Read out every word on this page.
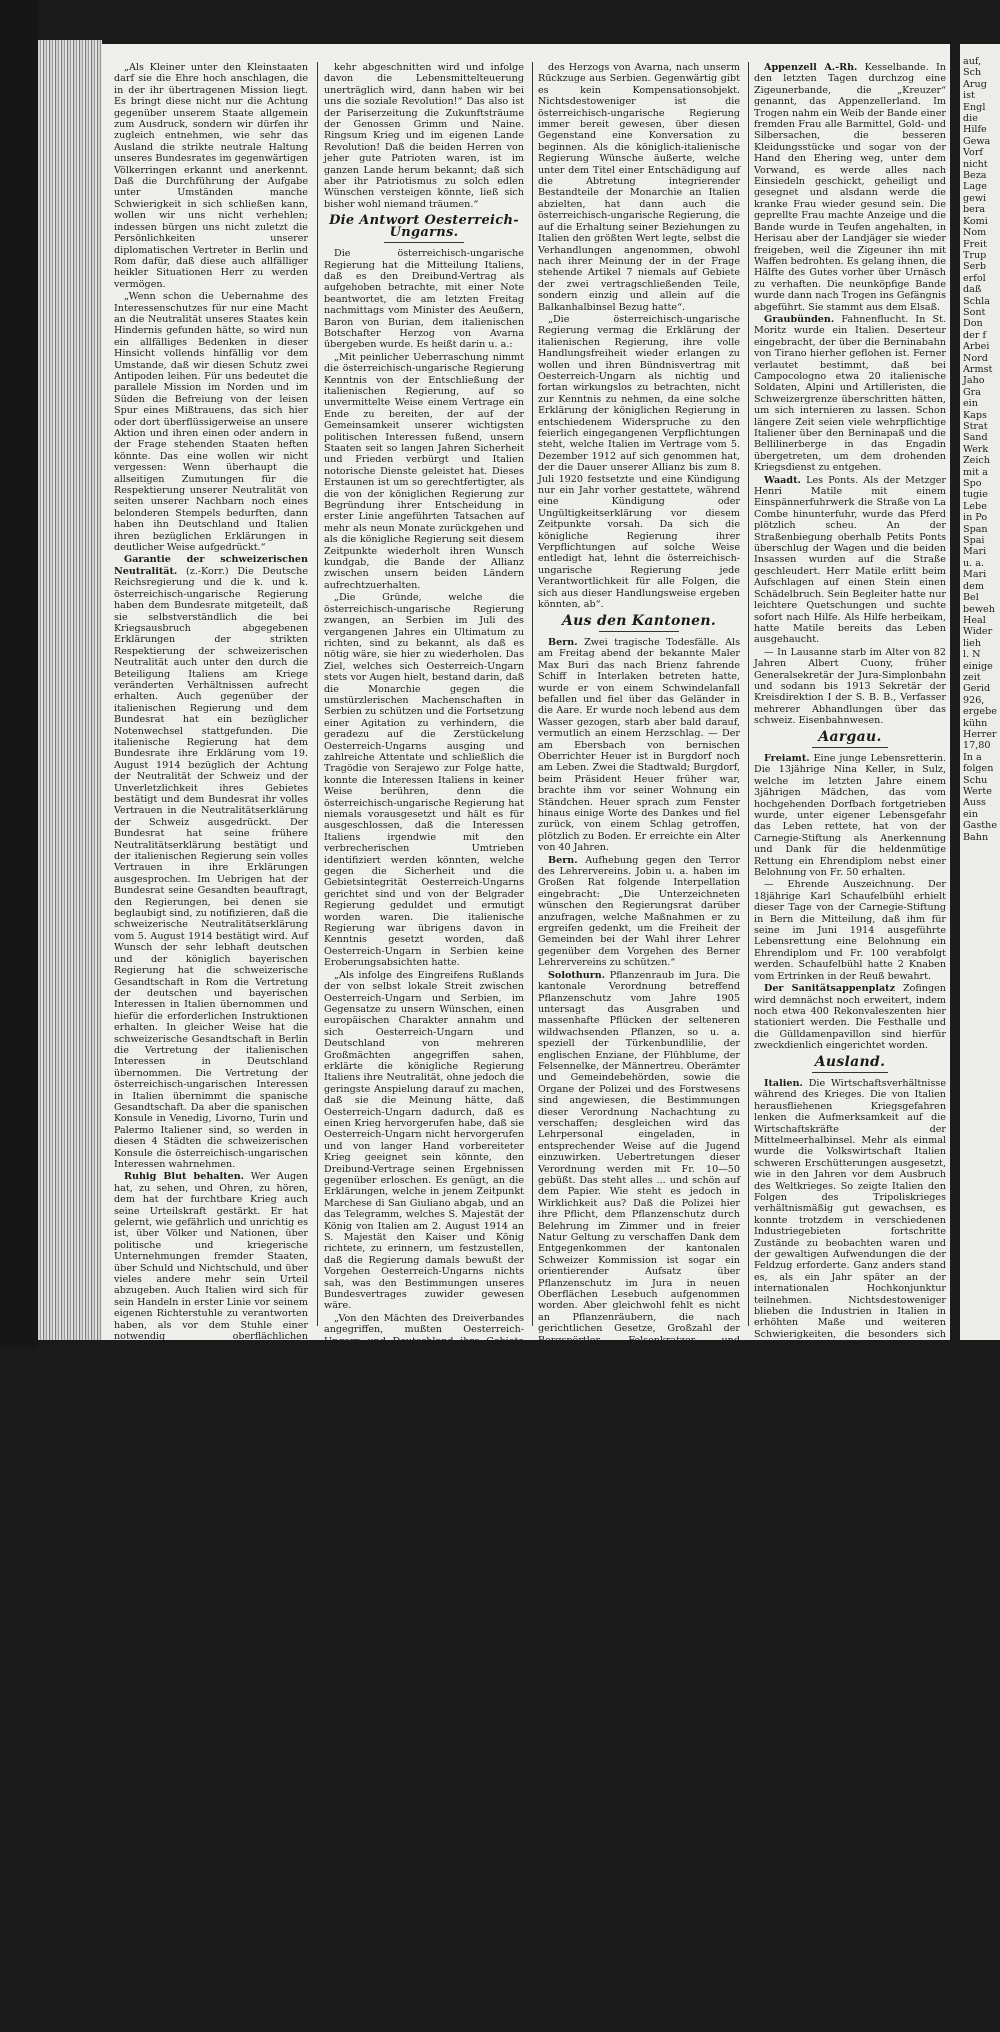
„Als Kleiner unter den Kleinstaaten darf sie die Ehre hoch anschlagen, die in der ihr übertragenen Mission liegt. Es bringt diese nicht nur die Achtung gegenüber unserem Staate allgemein zum Ausdruck, sondern wir dürfen ihr zugleich entnehmen, wie sehr das Ausland die strikte neutrale Haltung unseres Bundesrates im gegenwärtigen Völkerringen erkannt und anerkennt. Daß die Durchführung der Aufgabe unter Umständen manche Schwierigkeit in sich schließen kann, wollen wir uns nicht verhehlen; indessen bürgen uns nicht zuletzt die Persönlichkeiten unserer diplomatischen Vertreter in Berlin und Rom dafür, daß diese auch allfälliger heikler Situationen Herr zu werden vermögen.

„Wenn schon die Uebernahme des Interessenschutzes für nur eine Macht an die Neutralität unseres Staates kein Hindernis gefunden hätte, so wird nun ein allfälliges Bedenken in dieser Hinsicht vollends hinfällig vor dem Umstande, daß wir diesen Schutz zwei Antipoden leihen. Für uns bedeutet die parallele Mission im Norden und im Süden die Befreiung von der leisen Spur eines Mißtrauens, das sich hier oder dort überflüssigerweise an unsere Aktion und ihren einen oder andern in der Frage stehenden Staaten heften könnte. Das eine wollen wir nicht vergessen: Wenn überhaupt die allseitigen Zumutungen für die Respektierung unserer Neutralität von seiten unserer Nachbarn noch eines belonderen Stempels bedurften, dann haben ihn Deutschland und Italien ihren bezüglichen Erklärungen in deutlicher Weise aufgedrückt.“

Garantie der schweizerischen Neutralität. (z.-Korr.) Die Deutsche Reichsregierung und die k. und k. österreichisch-ungarische Regierung haben dem Bundesrate mitgeteilt, daß sie selbstverständlich die bei Kriegsausbruch abgegebenen Erklärungen der strikten Respektierung der schweizerischen Neutralität auch unter den durch die Beteiligung Italiens am Kriege veränderten Verhältnissen aufrecht erhalten. Auch gegenüber der italienischen Regierung und dem Bundesrat hat ein bezüglicher Notenwechsel stattgefunden. Die italienische Regierung hat dem Bundesrate ihre Erklärung vom 19. August 1914 bezüglich der Achtung der Neutralität der Schweiz und der Unverletzlichkeit ihres Gebietes bestätigt und dem Bundesrat ihr volles Vertrauen in die Neutralitätserklärung der Schweiz ausgedrückt. Der Bundesrat hat seine frühere Neutralitätserklärung bestätigt und der italienischen Regierung sein volles Vertrauen in ihre Erklärungen ausgesprochen. Im Uebrigen hat der Bundesrat seine Gesandten beauftragt, den Regierungen, bei denen sie beglaubigt sind, zu notifizieren, daß die schweizerische Neutralitätserklärung vom 5. August 1914 bestätigt wird. Auf Wunsch der sehr lebhaft deutschen und der königlich bayerischen Regierung hat die schweizerische Gesandtschaft in Rom die Vertretung der deutschen und bayerischen Interessen in Italien übernommen und hiefür die erforderlichen Instruktionen erhalten. In gleicher Weise hat die schweizerische Gesandtschaft in Berlin die Vertretung der italienischen Interessen in Deutschland übernommen. Die Vertretung der österreichisch-ungarischen Interessen in Italien übernimmt die spanische Gesandtschaft. Da aber die spanischen Konsule in Venedig, Livorno, Turin und Palermo Italiener sind, so werden in diesen 4 Städten die schweizerischen Konsule die österreichisch-ungarischen Interessen wahrnehmen.

Ruhig Blut behalten. Wer Augen hat, zu sehen, und Ohren, zu hören, dem hat der furchtbare Krieg auch seine Urteilskraft gestärkt. Er hat gelernt, wie gefährlich und unrichtig es ist, über Völker und Nationen, über politische und kriegerische Unternehmungen fremder Staaten, über Schuld und Nichtschuld, und über vieles andere mehr sein Urteil abzugeben. Auch Italien wird sich für sein Handeln in erster Linie vor seinem eigenen Richterstuhle zu verantworten haben, als vor dem Stuhle einer notwendig oberflächlichen Tagesmeinung. Machen wir uns vielmehr die volle Wahrung und Ueberzeugung des einzelnen auch den kommenden Ereignissen gegenüber nicht das Amt eines Richters an, das uns nicht zukommt. Lassen wir das Disputieren über Recht und Unrecht und folgen wir auch in Zukunft dem wohlbegründeten Rat unseres Bundesrates, unsern Sympathien und Antipathien nicht lauten Ausdruck zu verleihen. Freuen wir uns vielmehr, daß der Gedanke eines gesunden Schweizertums inmitten des Krieges immer kräftiger geworden ist, und daß wir uns vor allem bereit, dem Vaterland auch fernerhin die Opfer zu bringen, die es von uns verlangt.

Wehret den Anfängen. Man muß sich mehr und mehr darüber wundern, wie man behördlicherseits den Anlagen des Feuerzünders der Anarchisten am ohnmächtigen Haupte mit verschränkten Armen zuläßt, bis dieses einst ganz in Flammen steht. Wo es mit den Hungerdemonstrationsversammlungen hinaus will, sagt folgender Artikel im „Burgd. Tagbl.“ aus Bern mit unter dem Titel: „Die Probemobilisation des Proletariats.“ Der ruhig gesinnte Beobachter der Zeiten drängt sich nachgerade die Frage auf, welches das Ziel der Genossen Grimm und Naine sei, denn für mit erstaunlicher Konsequenz zusteuern.

Was steckt hinter diesem Spiel, zu was für Bewegungen will man den Hampelmann noch erziehen, der heute einen Finger reckt und jedes Zupfen an Schnürchen reagiert? Genosse Grimm hat die Antwort auf diese Frage vor einigen Monaten einem französischen Journalisten erteilt, von dem er sich gnädigst interviewen ließ. „Wir werden in der Schweiz vielleicht unerhörte Dinge erleben. Wenn Italien auch in den Krieg eingreifen sollte, die Schweiz auf diese Weise von Zufuhr und Ver-

kehr abgeschnitten wird und infolge davon die Lebensmittelteuerung unerträglich wird, dann haben wir bei uns die soziale Revolution!“ Das also ist der Pariserzeitung die Zukunftsträume der Genossen Grimm und Naine. Ringsum Krieg und im eigenen Lande Revolution! Daß die beiden Herren von jeher gute Patrioten waren, ist im ganzen Lande herum bekannt; daß sich aber ihr Patriotismus zu solch edlen Wünschen versteigen könnte, ließ sich bisher wohl niemand träumen.“

Die Antwort Oesterreich-Ungarns.

Die österreichisch-ungarische Regierung hat die Mitteilung Italiens, daß es den Dreibund-Vertrag als aufgehoben betrachte, mit einer Note beantwortet, die am letzten Freitag nachmittags vom Minister des Aeußern, Baron von Burian, dem italienischen Botschafter Herzog von Avarna übergeben wurde. Es heißt darin u. a.:

„Mit peinlicher Ueberraschung nimmt die österreichisch-ungarische Regierung Kenntnis von der Entschließung der italienischen Regierung, auf so unvermittelte Weise einem Vertrage ein Ende zu bereiten, der auf der Gemeinsamkeit unserer wichtigsten politischen Interessen fußend, unsern Staaten seit so langen Jahren Sicherheit und Frieden verbürgt und Italien notorische Dienste geleistet hat. Dieses Erstaunen ist um so gerechtfertigter, als die von der königlichen Regierung zur Begründung ihrer Entscheidung in erster Linie angeführten Tatsachen auf mehr als neun Monate zurückgehen und als die königliche Regierung seit diesem Zeitpunkte wiederholt ihren Wunsch kundgab, die Bande der Allianz zwischen unsern beiden Ländern aufrechtzuerhalten.

„Die Gründe, welche die österreichisch-ungarische Regierung zwangen, an Serbien im Juli des vergangenen Jahres ein Ultimatum zu richten, sind zu bekannt, als daß es nötig wäre, sie hier zu wiederholen. Das Ziel, welches sich Oesterreich-Ungarn stets vor Augen hielt, bestand darin, daß die Monarchie gegen die umstürzlerischen Machenschaften in Serbien zu schützen und die Fortsetzung einer Agitation zu verhindern, die geradezu auf die Zerstückelung Oesterreich-Ungarns ausging und zahlreiche Attentate und schließlich die Tragödie von Serajewo zur Folge hatte, konnte die Interessen Italiens in keiner Weise berühren, denn die österreichisch-ungarische Regierung hat niemals vorausgesetzt und hält es für ausgeschlossen, daß die Interessen Italiens irgendwie mit den verbrecherischen Umtrieben identifiziert werden könnten, welche gegen die Sicherheit und die Gebietsintegrität Oesterreich-Ungarns gerichtet sind und von der Belgrader Regierung geduldet und ermutigt worden waren. Die italienische Regierung war übrigens davon in Kenntnis gesetzt worden, daß Oesterreich-Ungarn in Serbien keine Eroberungsabsichten hatte.

„Als infolge des Eingreifens Rußlands der von selbst lokale Streit zwischen Oesterreich-Ungarn und Serbien, im Gegensatze zu unsern Wünschen, einen europäischen Charakter annahm und sich Oesterreich-Ungarn und Deutschland von mehreren Großmächten angegriffen sahen, erklärte die königliche Regierung Italiens ihre Neutralität, ohne jedoch die geringste Anspielung darauf zu machen, daß sie die Meinung hätte, daß Oesterreich-Ungarn dadurch, daß es einen Krieg hervorgerufen habe, daß sie Oesterreich-Ungarn nicht hervorgerufen und von langer Hand vorbereiteter Krieg geeignet sein könnte, den Dreibund-Vertrage seinen Ergebnissen gegenüber erloschen. Es genügt, an die Erklärungen, welche in jenem Zeitpunkt Marchese di San Giuliano abgab, und an das Telegramm, welches S. Majestät der König von Italien am 2. August 1914 an S. Majestät den Kaiser und König richtete, zu erinnern, um festzustellen, daß die Regierung damals bewußt der Vorgehen Oesterreich-Ungarns nichts sah, was den Bestimmungen unseres Bundesvertrages zuwider gewesen wäre.

„Von den Mächten des Dreiverbandes angegriffen, mußten Oesterreich-Ungarn und Deutschland ihre Gebiete verteidigen. Aber dieser Verteidigungskrieg hatte keineswegs die Verwirklichung eines den Lebensinteressen Italiens entgegengesetzten Programmes zum Ziele. Wenn übrigens die italienische Regierung in dieser Hinsicht Besorgnisse gehegt hätte, so hätte sie gelegenheit gehabt, diesen Befürchtungen Ausdruck zu geben, und sicherlich hätte sie sowohl in Wien wie in Berlin den besten Willen zum Schutze dieser Interessen gefunden. Die königliche Regierung war damals der Ansicht, daß sich ihre Verbündeten nach der Lage der Dinge Italiens gegenüber solche vertragliche Verbindlichkeiten finnten. Aber hätte keine Mitteilung, welche zu glauben berechtigt hätte, daß das Vorgehen Oesterreich-Ungarns als flagrante Verletzung des Wortes und Geistes des Bündnisvertrages wäre. Die Kabinette von Wien und Berlin ließen, wenn auch Italiens Entschluß, neutral zu bleiben, einen Entschluß, der nach unserer Ansicht mit dem Geiste des Vertrages kaum vereinbar war, bedauerten, die Ansicht der italienischen Regierung bemanglich in loyaler Weise gelten, was der Meinungsaustausch, der in jenem Zeitpunkte stattfand, bestätigte die unveränderte Aufrechterhaltung des Vertrages. Die königliche Regierung auf diesen Vertrag, besonders auf dessen Artikel 7, legte und erhielt die Zusicherung, daß Oesterreich-Ungarn sich über die Verletzung dieses Vertrages mit ihr für den Fall zu verständigen habe, daß Oesterreich-Ungarn seinerseits auf einem Kriege territoriale Vorteile auf Kosten der Balkaninsel zöge.

„Die österreichisch-ungarische Regierung hat diesen Standpunkt an und erklärte sich bereit, die Frage einer Prüfung zu unterziehen, indem sie gleichzeitig darauf hinwies, daß es zu jenem Zeitpunkt nicht in Kenntnis der Oesterreich-Ungarn zufallenden Vorteile sei, davon wäre, diesfür Kompensationen festzulegen. Italien anerkannte dies und stellte, daß Oesterreich-Ungarn derselben Verpflichtung mit Serbien dieselbe Auffassung, wie auch Marchese di San Giuliano am 25. August 1914 sowohl es in der sei es heißt, es wäre verfrüht, jetzt von Kompensationen zu sprechen, wie aus den Bemerkungen

des Herzogs von Avarna, nach unserm Rückzuge aus Serbien. Gegenwärtig gibt es kein Kompensationsobjekt. Nichtsdestoweniger ist die österreichisch-ungarische Regierung immer bereit gewesen, über diesen Gegenstand eine Konversation zu beginnen. Als die königlich-italienische Regierung Wünsche äußerte, welche unter dem Titel einer Entschädigung auf die Abtretung integrierender Bestandteile der Monarchie an Italien abzielten, hat dann auch die österreichisch-ungarische Regierung, die auf die Erhaltung seiner Beziehungen zu Italien den größten Wert legte, selbst die Verhandlungen angenommen, obwohl nach ihrer Meinung der in der Frage stehende Artikel 7 niemals auf Gebiete der zwei vertragschließenden Teile, sondern einzig und allein auf die Balkanhalbinsel Bezug hatte“.

„Die österreichisch-ungarische Regierung vermag die Erklärung der italienischen Regierung, ihre volle Handlungsfreiheit wieder erlangen zu wollen und ihren Bündnisvertrag mit Oesterreich-Ungarn als nichtig und fortan wirkungslos zu betrachten, nicht zur Kenntnis zu nehmen, da eine solche Erklärung der königlichen Regierung in entschiedenem Widerspruche zu den feierlich eingegangenen Verpflichtungen steht, welche Italien im Vertrage vom 5. Dezember 1912 auf sich genommen hat, der die Dauer unserer Allianz bis zum 8. Juli 1920 festsetzte und eine Kündigung nur ein Jahr vorher gestattete, während eine Kündigung oder Ungültigkeitserklärung vor diesem Zeitpunkte vorsah. Da sich die königliche Regierung ihrer Verpflichtungen auf solche Weise entledigt hat, lehnt die österreichisch-ungarische Regierung jede Verantwortlichkeit für alle Folgen, die sich aus dieser Handlungsweise ergeben könnten, ab“.

Aus den Kantonen.

Bern. Zwei tragische Todesfälle. Als am Freitag abend der bekannte Maler Max Buri das nach Brienz fahrende Schiff in Interlaken betreten hatte, wurde er von einem Schwindelanfall befallen und fiel über das Geländer in die Aare. Er wurde noch lebend aus dem Wasser gezogen, starb aber bald darauf, vermutlich an einem Herzschlag. — Der am Ebersbach von bernischen Oberrichter Heuer ist in Burgdorf noch am Leben. Zwei die Stadtwald; Burgdorf, beim Präsident Heuer früher war, brachte ihm vor seiner Wohnung ein Ständchen. Heuer sprach zum Fenster hinaus einige Worte des Dankes und fiel zurück, von einem Schlag getroffen, plötzlich zu Boden. Er erreichte ein Alter von 40 Jahren.

Bern. Aufhebung gegen den Terror des Lehrervereins. Jobin u. a. haben im Großen Rat folgende Interpellation eingebracht: „Die Unterzeichneten wünschen den Regierungsrat darüber anzufragen, welche Maßnahmen er zu ergreifen gedenkt, um die Freiheit der Gemeinden bei der Wahl ihrer Lehrer gegenüber dem Vorgehen des Berner Lehrervereins zu schützen.“

Solothurn. Pflanzenraub im Jura. Die kantonale Verordnung betreffend Pflanzenschutz vom Jahre 1905 untersagt das Ausgraben und massenhafte Pflücken der selteneren wildwachsenden Pflanzen, so u. a. speziell der Türkenbundlilie, der englischen Enziane, der Flühblume, der Felsennelke, der Männertreu. Oberämter und Gemeindebehörden, sowie die Organe der Polizei und des Forstwesens sind angewiesen, die Bestimmungen dieser Verordnung Nachachtung zu verschaffen; desgleichen wird das Lehrpersonal eingeladen, in entsprechender Weise auf die Jugend einzuwirken. Uebertretungen dieser Verordnung werden mit Fr. 10—50 gebüßt. Das steht alles ... und schön auf dem Papier. Wie steht es jedoch in Wirklichkeit aus? Daß die Polizei hier ihre Pflicht, dem Pflanzenschutz durch Belehrung im Zimmer und in freier Natur Geltung zu verschaffen Dank dem Entgegenkommen der kantonalen Schweizer Kommission ist sogar ein orientierender Aufsatz über Pflanzenschutz im Jura in neuen Oberflächen Lesebuch aufgenommen worden. Aber gleichwohl fehlt es nicht an Pflanzenräubern, die nach gerichtlichen Gesetze, Großzahl der Bergspörtler, Felsenkratzer und sonstiger Jurabummler, mit abgenommenen Hütten und Rucksäcken, nicht aber die Mitglieder des S. A. C. und anderer einsichtiger Naturfreunde. Gegenwärtig ziert in schönstem Mühlenschmucke die aromatisch duftende, gelbblühende Flühblume (Primula Auricula) die Felsen unseres Juras. Im Laufe der letzten Woche sind nun an einzelnen Stellen Flühblumen in den Hängen des Weissensteins in unglaublichen Mengen gepflückt, um flott zu Tal getragen zu werden. Ist denn bei uns an allen Orten in ganzen Berggemüse die Sinn für die Erhaltung des Naturschönen ausgeschwunden? Müssen denn unbedingt unsere Berge und Gedankenlosigkeit und frivoler Kulturschädigung einem dem Ganzen schuldig werden, wenn eine auf dem Wege wandernden, wenn etwa auf dem Bierbuffet einer holden Bergmaid zur Zierde fernen Dienstzweck verwelken? fragt das „Soloth. Tagblatt“.

Basel. Der Große Rat behandelte die Beteiligung an der königlich-italienischen Sodafabrik in Zurzach. Die Regierung beantragte eine Beteiligung im Betrage von Fr. 125,000. — Die Vorschläge des Finanzdepartements, Regierungsrat Wullschleger, referierte. Er kam darauf auf die Dreiebereien zu sprechen, die Basel dazu bestimmten, die schweizerische Sodafabrik einzurichten und die Beteiligung zu Privatinteressen zu, da die Sodaherstellung dem Staat Vorteil bringe. Gegen die Sodafabrik erhoben Einwände sind unbegründet; namentlich die Behauptung, daß die Leitung der Fabrik der Solvay vorgeschrieben werde. Zur Apparate, die in der Schweiz nicht zu haben sind, werden aus dem Auslande beschafft, was allen Ansprüche des Baues entspreche, ist an der Luft gegriffen. Der Sprecher des Grossen Kantons Basel spricht noch besonders, daß der Platz Basel wegen seiner chemischen Industrie ein sehr großer Sodakonsument sei. Die Diskussion wurde meist benützt und die Beteiligung ohne jede Opposition beschlossen.

Appenzell A.-Rh. Kesselbande. In den letzten Tagen durchzog eine Zigeunerbande, die „Kreuzer“ genannt, das Appenzellerland. Im Trogen nahm ein Weib der Bande einer fremden Frau alle Barmittel, Gold- und Silbersachen, die besseren Kleidungsstücke und sogar von der Hand den Ehering weg, unter dem Vorwand, es werde alles nach Einsiedeln geschickt, geheiligt und gesegnet und alsdann werde die kranke Frau wieder gesund sein. Die geprellte Frau machte Anzeige und die Bande wurde in Teufen angehalten, in Herisau aber der Landjäger sie wieder freigeben, weil die Zigeuner ihn mit Waffen bedrohten. Es gelang ihnen, die Hälfte des Gutes vorher über Urnäsch zu verhaften. Die neunköpfige Bande wurde dann nach Trogen ins Gefängnis abgeführt. Sie stammt aus dem Elsaß.

Graubünden. Fahnenflucht. In St. Moritz wurde ein Italien. Deserteur eingebracht, der über die Berninabahn von Tirano hierher geflohen ist. Ferner verlautet bestimmt, daß bei Campocologno etwa 20 italienische Soldaten, Alpini und Artilleristen, die Schweizergrenze überschritten hätten, um sich internieren zu lassen. Schon längere Zeit seien viele wehrpflichtige Italiener über den Berninapaß und die Bellilinerberge in das Engadin übergetreten, um dem drohenden Kriegsdienst zu entgehen.

Waadt. Les Ponts. Als der Metzger Henri Matile mit einem Einspännerfuhrwerk die Straße von La Combe hinunterfuhr, wurde das Pferd plötzlich scheu. An der Straßenbiegung oberhalb Petits Ponts überschlug der Wagen und die beiden Insassen wurden auf die Straße geschleudert. Herr Matile erlitt beim Aufschlagen auf einen Stein einen Schädelbruch. Sein Begleiter hatte nur leichtere Quetschungen und suchte sofort nach Hilfe. Als Hilfe herbeikam, hatte Matile bereits das Leben ausgehaucht.

— In Lausanne starb im Alter von 82 Jahren Albert Cuony, früher Generalsekretär der Jura-Simplonbahn und sodann bis 1913 Sekretär der Kreisdirektion I der S. B. B., Verfasser mehrerer Abhandlungen über das schweiz. Eisenbahnwesen.

Aargau.

Freiamt. Eine junge Lebensretterin. Die 13jährige Nina Keller, in Sulz, welche im letzten Jahre einem 3jährigen Mädchen, das vom hochgehenden Dorfbach fortgetrieben wurde, unter eigener Lebensgefahr das Leben rettete, hat von der Carnegie-Stiftung als Anerkennung und Dank für die heldenmütige Rettung ein Ehrendiplom nebst einer Belohnung von Fr. 50 erhalten.

— Ehrende Auszeichnung. Der 18jährige Karl Schaufelbühl erhielt dieser Tage von der Carnegie-Stiftung in Bern die Mitteilung, daß ihm für seine im Juni 1914 ausgeführte Lebensrettung eine Belohnung ein Ehrendiplom und Fr. 100 verabfolgt werden. Schaufelbühl hatte 2 Knaben vom Ertrinken in der Reuß bewahrt.

Der Sanitätsappenplatz Zofingen wird demnächst noch erweitert, indem noch etwa 400 Rekonvaleszenten hier stationiert werden. Die Festhalle und die Gülldamenpavillon sind hierfür zweckdienlich eingerichtet worden.

Ausland.

Italien. Die Wirtschaftsverhältnisse während des Krieges. Die von Italien herausfliehenen Kriegsgefahren lenken die Aufmerksamkeit auf die Wirtschaftskräfte der Mittelmeerhalbinsel. Mehr als einmal wurde die Volkswirtschaft Italien schweren Erschütterungen ausgesetzt, wie in den Jahren vor dem Ausbruch des Weltkrieges. So zeigte Italien den Folgen des Tripoliskrieges verhältnismäßig gut gewachsen, es konnte trotzdem in verschiedenen Industriegebieten fortschritte Zustände zu beobachten waren und der gewaltigen Aufwendungen die der Feldzug erforderte. Ganz anders stand es, als ein Jahr später an der internationalen Hochkonjunktur teilnehmen. Nichtsdestoweniger blieben die Industrien in Italien in erhöhten Maße und weiteren Schwierigkeiten, die besonders sich sämtlicher schweizerischen Verhältnisse befestigen. In der Eisenindustrie, die früher jahrelang ein großes Arbeitsgebiet war, hat sich die Lage in den letzten Jahren ziemlich verschlechtert. Die Schwierigkeiten auf in Laufe der Jahre eine Besserung eingetreten, hat durch große Staatsaufträge gefördert wurde. Dagegen ist die Situation in der Textilindustrie meist ungünstig geblieben, eine Folge der starken Ueberproduktion. Vorübergehend hat sich nur die Lage des Baumwollgewerbes während des Krieges günstiger entwickelt, da dafür ist aber in der Seidenindustrie eine weitere Verschlechterung zu verzeichnen.

Vielfach hat Italien von den jetzigen Kriegslieferungen aus den kriegführenden Staaten Vorteil gehabt, freilich war dieser Vorteil durch bedeutende Zufuhr aus den Vereinigten Staaten von Amerika beträchtlich. Vor allem machte sich in Italien aber auch eine Reihe von Ausfuhrverboten im Exportverkehr nachteilig bemerkbar. Infolgedessen hat die Gesamtausfuhr Italiens in 1914 zugenommen, die erste Hälfte des Jahres eine steigende Tendenz erfahren, der zweite außerordentliche Ausfuhr einen ungefähr fünfmal so hohen Ertrag aus den im letzten Jahre von Januar bis Juli 1914. Im Jahre 1915 hat dagegen, soweit bis jetzt Zahlen vorliegen, der Ausfuhrwert eine Steigerung erfahren. In dem Monate im Vorjahre erfahren. Die Einfuhr ist nun erst im Vorjahre 1914 an als um 30 Prozent im Jahre 1915 beim Vorjahr.

Der Sprung ins Dunkle. Der italienische Militärschriftsteller Commendatore Enamanico in Florenz faßt die militärische und politische Lage im „Popolo Romano“ pessimistisch

auf,
Sch
Arug
ist
Engl
die
Hilfe
Gewa
Vorf
nicht
Beza
Lage
gewi
bera
Komi
Nom
Freit
Trup
Serb
erfol
daß
Schla
Sont
Don
der f
Arbei
Nord
Armst
Jaho
Gra
ein
Kaps
Strat
Sand
Werk
Zeich
mit a
Spo
tugie
Lebe
in Po
Span
Spai
Mari
u. a.
Mari
dem
Bel
beweh
Heal
Wider
lieh
l. N
einige
zeit
Gerid
926,
ergebe
kühn
Herrer
17,80
In a
folgen
Schu
Werte
Auss
ein
Gasthe
Bahn
